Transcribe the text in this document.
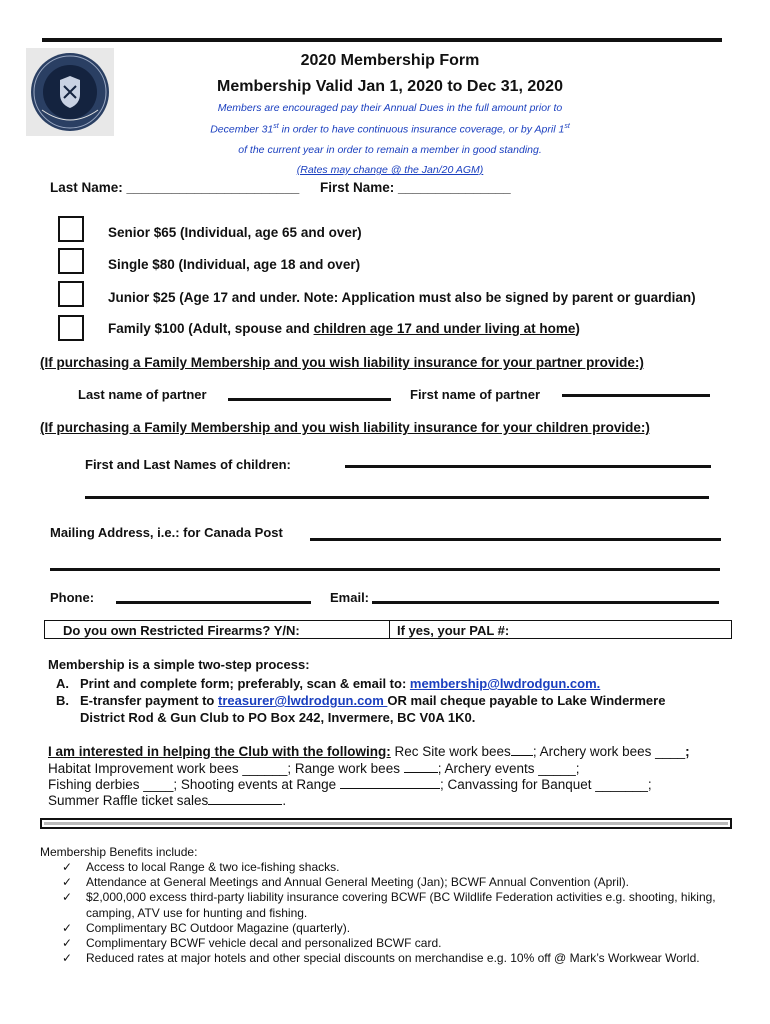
2020 Membership Form
Membership Valid Jan 1, 2020 to Dec 31, 2020
Members are encouraged pay their Annual Dues in the full amount prior to
December 31st in order to have continuous insurance coverage, or by April 1st
of the current year in order to remain a member in good standing.
(Rates may change @ the Jan/20 AGM)
Last Name: _______________________ First Name: _______________
Senior $65 (Individual, age 65 and over)
Single $80 (Individual, age 18 and over)
Junior $25 (Age 17 and under. Note: Application must also be signed by parent or guardian)
Family $100 (Adult, spouse and children age 17 and under living at home)
(If purchasing a Family Membership and you wish liability insurance for your partner provide:)
Last name of partner	First name of partner
(If purchasing a Family Membership and you wish liability insurance for your children provide:)
First and Last Names of children:
Mailing Address, i.e.: for Canada Post
Phone:	Email:
Do you own Restricted Firearms? Y/N:	If yes, your PAL #:
Membership is a simple two-step process:
A. Print and complete form; preferably, scan & email to: membership@lwdrodgun.com.
B. E-transfer payment to treasurer@lwdrodgun.com OR mail cheque payable to Lake Windermere
District Rod & Gun Club to PO Box 242, Invermere, BC V0A 1K0.
I am interested in helping the Club with the following: Rec Site work bees ; Archery work bees ____;
Habitat Improvement work bees ______; Range work bees	; Archery events _____;
Fishing derbies ____; Shooting events at Range	; Canvassing for Banquet _______;
Summer Raffle ticket sales	.
Membership Benefits include:
✓ Access to local Range & two ice-fishing shacks.
✓ Attendance at General Meetings and Annual General Meeting (Jan); BCWF Annual Convention (April).
✓ $2,000,000 excess third-party liability insurance covering BCWF (BC Wildlife Federation activities e.g. shooting, hiking, camping, ATV use for hunting and fishing.
✓ Complimentary BC Outdoor Magazine (quarterly).
✓ Complimentary BCWF vehicle decal and personalized BCWF card.
✓ Reduced rates at major hotels and other special discounts on merchandise e.g. 10% off @ Mark’s Workwear World.
